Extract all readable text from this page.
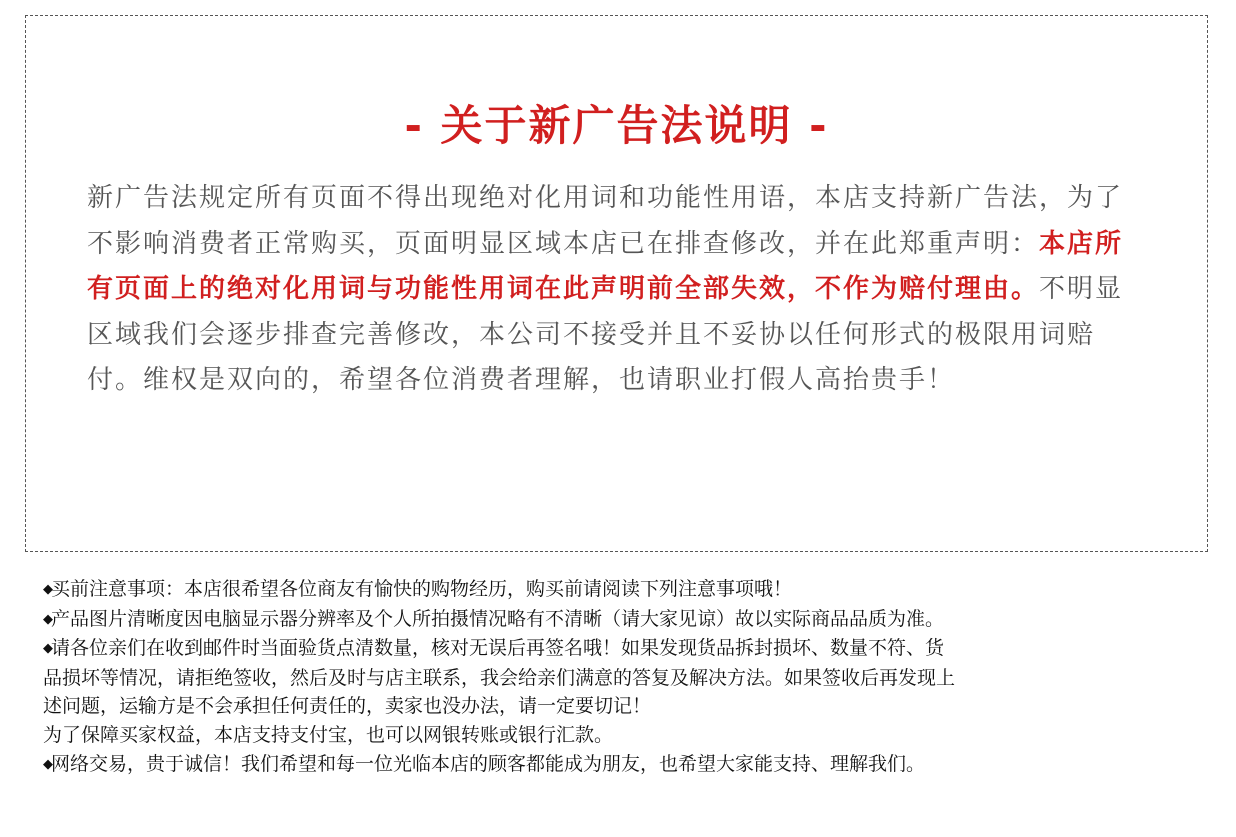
- 关于新广告法说明 -
新广告法规定所有页面不得出现绝对化用词和功能性用语，本店支持新广告法，为了不影响消费者正常购买，页面明显区域本店已在排查修改，并在此郑重声明：本店所有页面上的绝对化用词与功能性用词在此声明前全部失效，不作为赔付理由。不明显区域我们会逐步排查完善修改，本公司不接受并且不妥协以任何形式的极限用词赔付。维权是双向的，希望各位消费者理解，也请职业打假人高抬贵手！
◆买前注意事项：本店很希望各位商友有愉快的购物经历，购买前请阅读下列注意事项哦！
◆产品图片清晰度因电脑显示器分辨率及个人所拍摄情况略有不清晰（请大家见谅）故以实际商品品质为准。
◆请各位亲们在收到邮件时当面验货点清数量，核对无误后再签名哦！如果发现货品拆封损坏、数量不符、货
品损坏等情况，请拒绝签收，然后及时与店主联系，我会给亲们满意的答复及解决方法。如果签收后再发现上
述问题，运输方是不会承担任何责任的，卖家也没办法，请一定要切记！
为了保障买家权益，本店支持支付宝，也可以网银转账或银行汇款。
◆网络交易，贵于诚信！我们希望和每一位光临本店的顾客都能成为朋友，也希望大家能支持、理解我们。
